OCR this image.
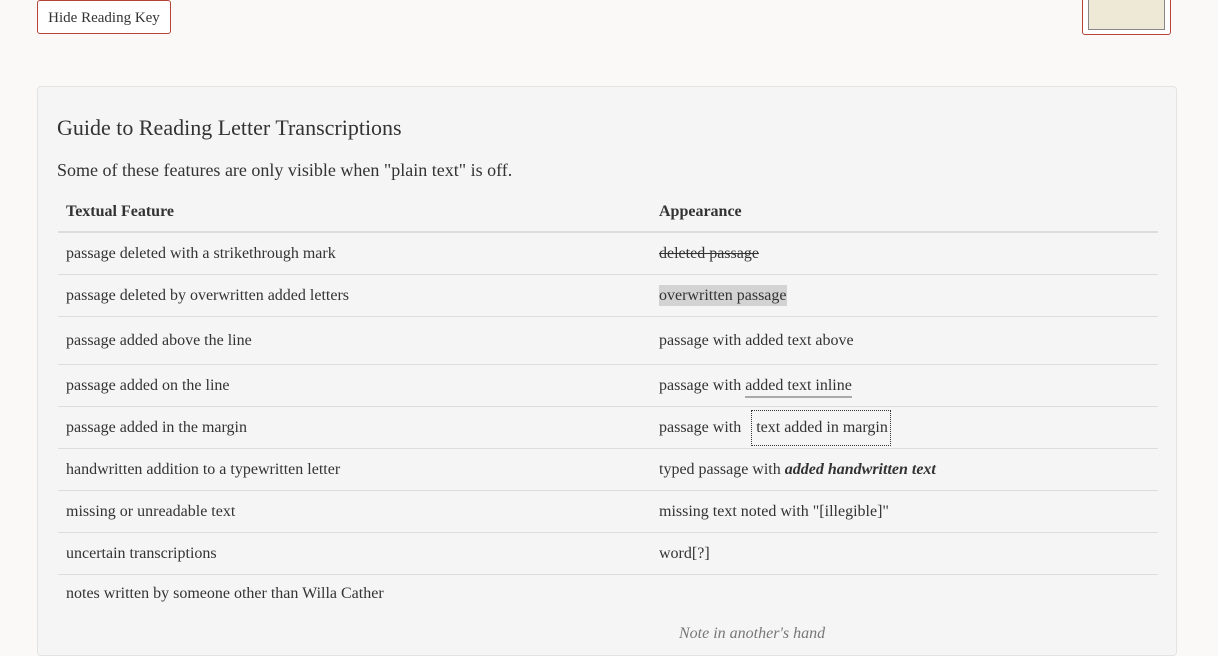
Hide Reading Key
Guide to Reading Letter Transcriptions

Some of these features are only visible when "plain text" is off.

Textual Feature	Appearance
passage deleted with a strikethrough mark	deleted passage
passage deleted by overwritten added letters	overwritten passage
passage added above the line	passage with added text above
passage added on the line	passage with added text inline
passage added in the margin	passage with text added in margin
handwritten addition to a typewritten letter	typed passage with added handwritten text
missing or unreadable text	missing text noted with "[illegible]"
uncertain transcriptions	word[?]
notes written by someone other than Willa Cather	Note in another's hand
